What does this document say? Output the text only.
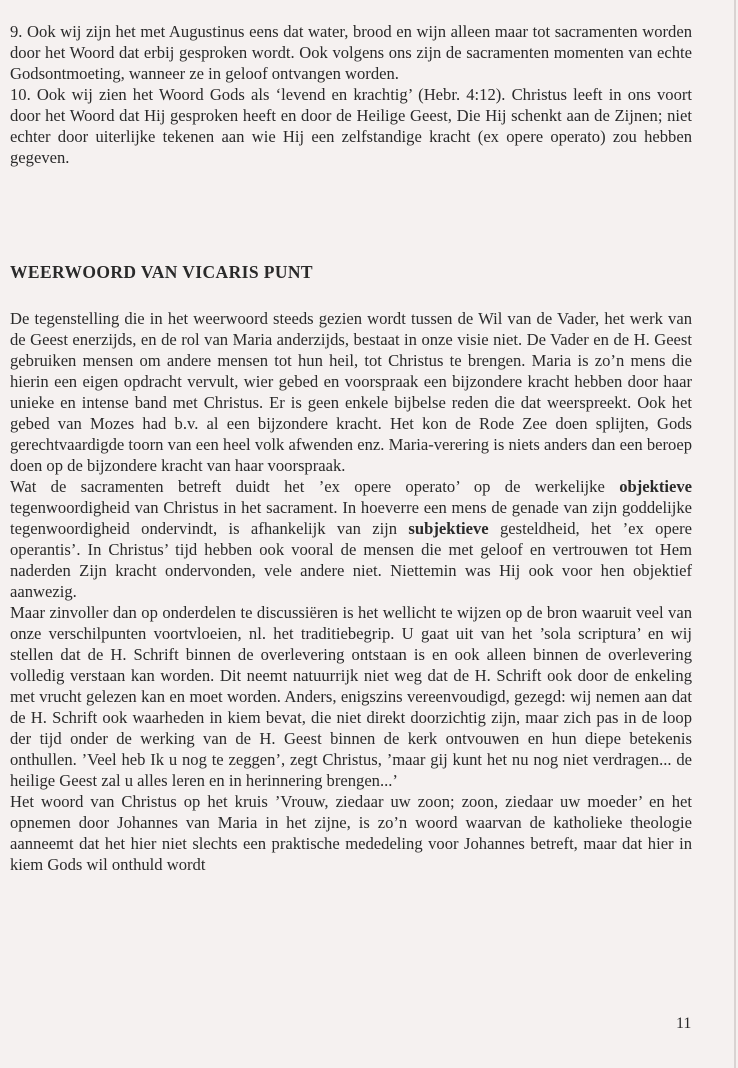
9. Ook wij zijn het met Augustinus eens dat water, brood en wijn alleen maar tot sacramenten worden door het Woord dat erbij gesproken wordt. Ook volgens ons zijn de sacramenten momenten van echte Godsontmoeting, wanneer ze in geloof ontvangen worden.

10. Ook wij zien het Woord Gods als ‘levend en krachtig’ (Hebr. 4:12). Christus leeft in ons voort door het Woord dat Hij gesproken heeft en door de Heilige Geest, Die Hij schenkt aan de Zijnen; niet echter door uiterlijke tekenen aan wie Hij een zelfstandige kracht (ex opere operato) zou hebben gegeven.

WEERWOORD VAN VICARIS PUNT

De tegenstelling die in het weerwoord steeds gezien wordt tussen de Wil van de Vader, het werk van de Geest enerzijds, en de rol van Maria anderzijds, bestaat in onze visie niet. De Vader en de H. Geest gebruiken mensen om andere mensen tot hun heil, tot Christus te brengen. Maria is zo’n mens die hierin een eigen opdracht vervult, wier gebed en voorspraak een bijzondere kracht hebben door haar unieke en intense band met Christus. Er is geen enkele bijbelse reden die dat weerspreekt. Ook het gebed van Mozes had b.v. al een bijzondere kracht. Het kon de Rode Zee doen splijten, Gods gerechtvaardigde toorn van een heel volk afwenden enz. Maria-verering is niets anders dan een beroep doen op de bijzondere kracht van haar voorspraak.

Wat de sacramenten betreft duidt het ’ex opere operato’ op de werkelijke objektieve tegenwoordigheid van Christus in het sacrament. In hoeverre een mens de genade van zijn goddelijke tegenwoordigheid ondervindt, is afhankelijk van zijn subjektieve gesteldheid, het ’ex opere operantis’. In Christus’ tijd hebben ook vooral de mensen die met geloof en vertrouwen tot Hem naderden Zijn kracht ondervonden, vele andere niet. Niettemin was Hij ook voor hen objektief aanwezig.

Maar zinvoller dan op onderdelen te discussiëren is het wellicht te wijzen op de bron waaruit veel van onze verschilpunten voortvloeien, nl. het traditiebegrip. U gaat uit van het ’sola scriptura’ en wij stellen dat de H. Schrift binnen de overlevering ontstaan is en ook alleen binnen de overlevering volledig verstaan kan worden. Dit neemt natuurrijk niet weg dat de H. Schrift ook door de enkeling met vrucht gelezen kan en moet worden. Anders, enigszins vereenvoudigd, gezegd: wij nemen aan dat de H. Schrift ook waarheden in kiem bevat, die niet direkt doorzichtig zijn, maar zich pas in de loop der tijd onder de werking van de H. Geest binnen de kerk ontvouwen en hun diepe betekenis onthullen. ’Veel heb Ik u nog te zeggen’, zegt Christus, ’maar gij kunt het nu nog niet verdragen... de heilige Geest zal u alles leren en in herinnering brengen...’

Het woord van Christus op het kruis ’Vrouw, ziedaar uw zoon; zoon, ziedaar uw moeder’ en het opnemen door Johannes van Maria in het zijne, is zo’n woord waarvan de katholieke theologie aanneemt dat het hier niet slechts een praktische mededeling voor Johannes betreft, maar dat hier in kiem Gods wil onthuld wordt

11
